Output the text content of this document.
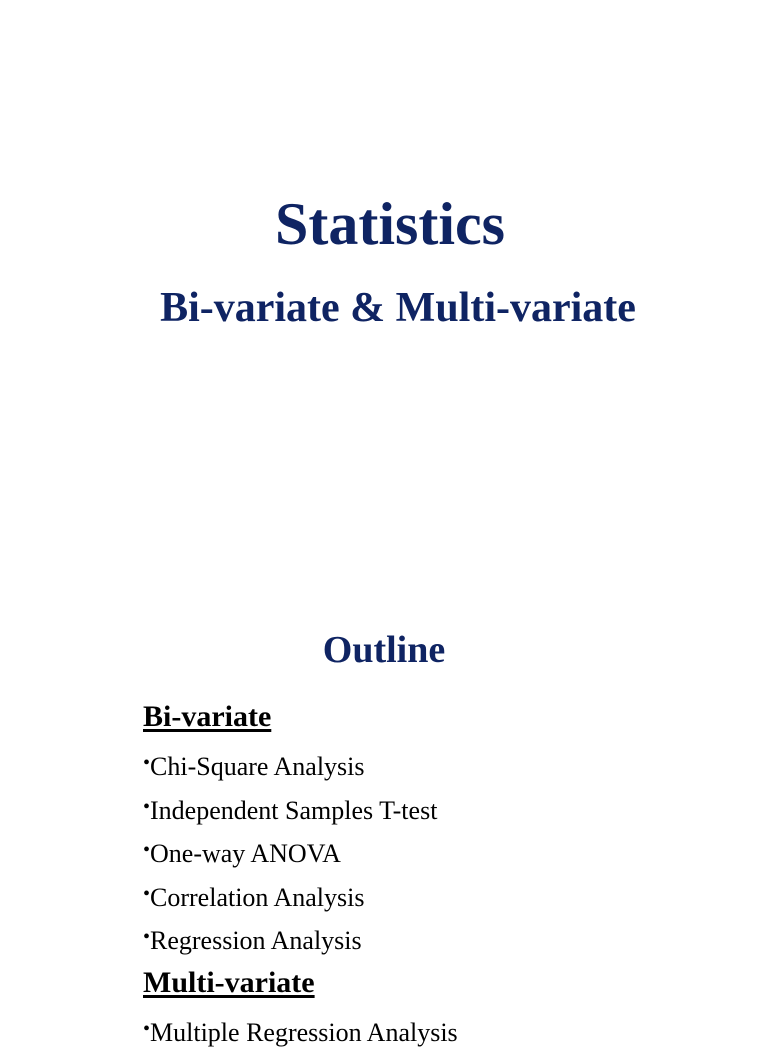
Statistics
Bi-variate & Multi-variate
Outline
Bi-variate
•Chi-Square Analysis
•Independent Samples T-test
•One-way ANOVA
•Correlation Analysis
•Regression Analysis
Multi-variate
•Multiple Regression Analysis
